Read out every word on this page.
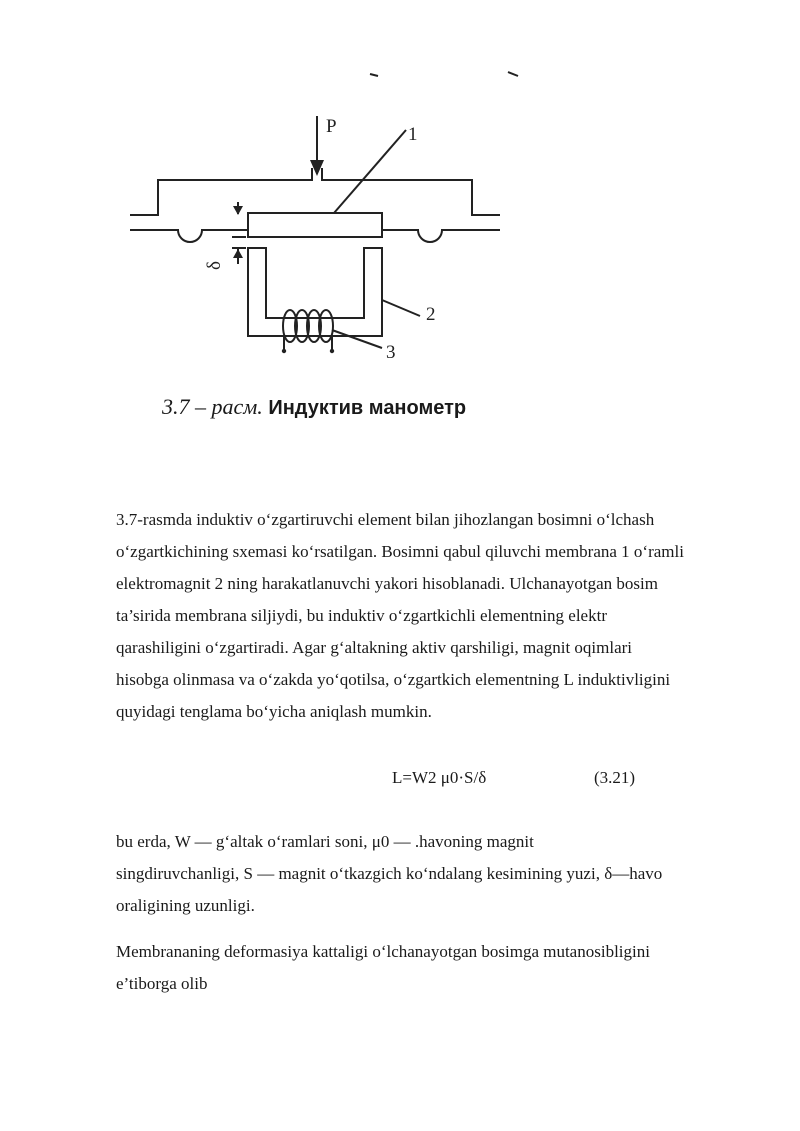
P	1
2
3
δ
3.7 – расм. Индуктив манометр

3.7-rasmda induktiv oʻzgartiruvchi element bilan jihozlangan bosimni oʻlchash
oʻzgartkichining sxemasi koʻrsatilgan. Bosimni qabul qiluvchi membrana 1 oʻramli
elektromagnit 2 ning harakatlanuvchi yakori hisoblanadi. Ulchanayotgan bosim
ta’sirida membrana siljiydi, bu induktiv oʻzgartkichli elementning elektr
qarashiligini oʻzgartiradi. Agar gʻaltakning aktiv qarshiligi, magnit oqimlari
hisobga olinmasa va oʻzakda yoʻqotilsa, oʻzgartkich elementning L induktivligini
quyidagi tenglama boʻyicha aniqlash mumkin.

L=W2 μ0·S/δ	(3.21)

bu erda, W — gʻaltak oʻramlari soni, μ0 — .havoning magnit
singdiruvchanligi, S — magnit oʻtkazgich koʻndalang kesimining yuzi, δ—havo
oraligining uzunligi.

Membrananing deformasiya kattaligi oʻlchanayotgan bosimga mutanosibligini
e’tiborga olib
